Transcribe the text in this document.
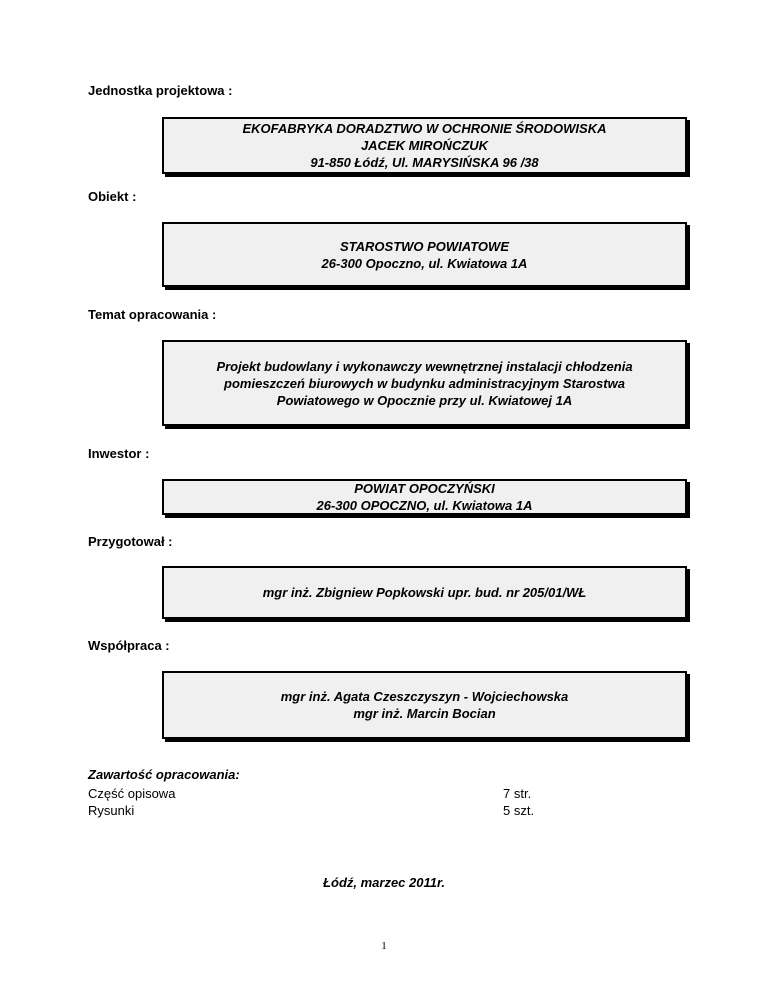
Jednostka projektowa :

EKOFABRYKA DORADZTWO W OCHRONIE ŚRODOWISKA
JACEK MIROŃCZUK
91-850 Łódź, Ul. MARYSIŃSKA 96 /38

Obiekt :

STAROSTWO POWIATOWE
26-300 Opoczno, ul. Kwiatowa 1A

Temat opracowania :

Projekt budowlany i wykonawczy wewnętrznej instalacji chłodzenia
pomieszczeń biurowych w budynku administracyjnym Starostwa
Powiatowego w Opocznie przy ul. Kwiatowej 1A

Inwestor :

POWIAT OPOCZYŃSKI
26-300 OPOCZNO, ul. Kwiatowa 1A

Przygotował :

mgr inż. Zbigniew Popkowski upr. bud. nr 205/01/WŁ

Współpraca :

mgr inż. Agata Czeszczyszyn - Wojciechowska
mgr inż. Marcin Bocian
Zawartość opracowania:
Część opisowa	7 str.
Rysunki	5 szt.
Łódź, marzec 2011r.
1
